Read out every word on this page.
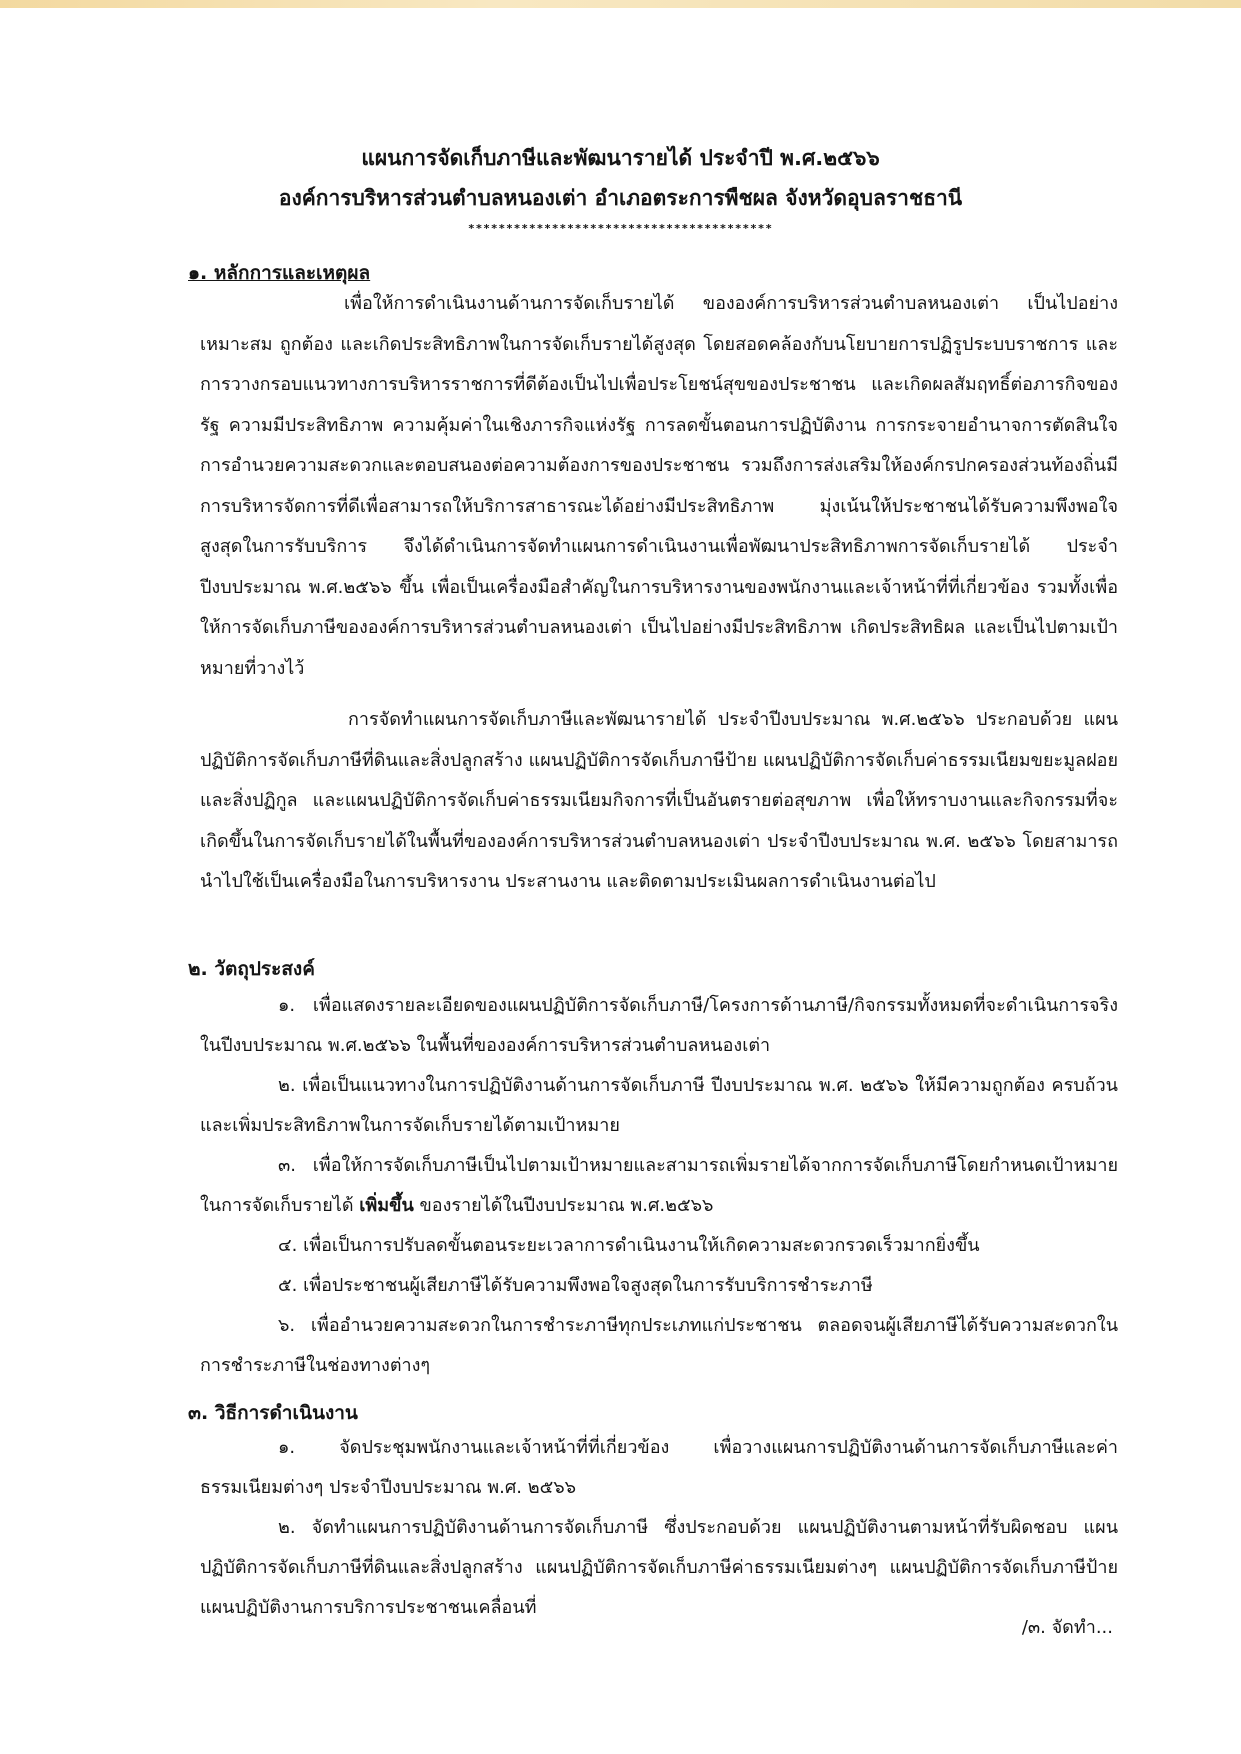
แผนการจัดเก็บภาษีและพัฒนารายได้ ประจำปี พ.ศ.๒๕๖๖
องค์การบริหารส่วนตำบลหนองเต่า อำเภอตระการพืชผล จังหวัดอุบลราชธานี
****************************************
๑. หลักการและเหตุผล

เพื่อให้การดำเนินงานด้านการจัดเก็บรายได้ ขององค์การบริหารส่วนตำบลหนองเต่า เป็นไปอย่างเหมาะสม ถูกต้อง และเกิดประสิทธิภาพในการจัดเก็บรายได้สูงสุด โดยสอดคล้องกับนโยบายการปฏิรูประบบราชการ และการวางกรอบแนวทางการบริหารราชการที่ดีต้องเป็นไปเพื่อประโยชน์สุขของประชาชน และเกิดผลสัมฤทธิ์ต่อภารกิจของรัฐ ความมีประสิทธิภาพ ความคุ้มค่าในเชิงภารกิจแห่งรัฐ การลดขั้นตอนการปฏิบัติงาน การกระจายอำนาจการตัดสินใจ การอำนวยความสะดวกและตอบสนองต่อความต้องการของประชาชน รวมถึงการส่งเสริมให้องค์กรปกครองส่วนท้องถิ่นมีการบริหารจัดการที่ดีเพื่อสามารถให้บริการสาธารณะได้อย่างมีประสิทธิภาพ มุ่งเน้นให้ประชาชนได้รับความพึงพอใจสูงสุดในการรับบริการ จึงได้ดำเนินการจัดทำแผนการดำเนินงานเพื่อพัฒนาประสิทธิภาพการจัดเก็บรายได้ ประจำปีงบประมาณ พ.ศ.๒๕๖๖ ขึ้น เพื่อเป็นเครื่องมือสำคัญในการบริหารงานของพนักงานและเจ้าหน้าที่ที่เกี่ยวข้อง รวมทั้งเพื่อให้การจัดเก็บภาษีขององค์การบริหารส่วนตำบลหนองเต่า เป็นไปอย่างมีประสิทธิภาพ เกิดประสิทธิผล และเป็นไปตามเป้าหมายที่วางไว้

การจัดทำแผนการจัดเก็บภาษีและพัฒนารายได้ ประจำปีงบประมาณ พ.ศ.๒๕๖๖ ประกอบด้วย แผนปฏิบัติการจัดเก็บภาษีที่ดินและสิ่งปลูกสร้าง แผนปฏิบัติการจัดเก็บภาษีป้าย แผนปฏิบัติการจัดเก็บค่าธรรมเนียมขยะมูลฝอยและสิ่งปฏิกูล และแผนปฏิบัติการจัดเก็บค่าธรรมเนียมกิจการที่เป็นอันตรายต่อสุขภาพ เพื่อให้ทราบงานและกิจกรรมที่จะเกิดขึ้นในการจัดเก็บรายได้ในพื้นที่ขององค์การบริหารส่วนตำบลหนองเต่า ประจำปีงบประมาณ พ.ศ. ๒๕๖๖ โดยสามารถนำไปใช้เป็นเครื่องมือในการบริหารงาน ประสานงาน และติดตามประเมินผลการดำเนินงานต่อไป

๒. วัตถุประสงค์

๑. เพื่อแสดงรายละเอียดของแผนปฏิบัติการจัดเก็บภาษี/โครงการด้านภาษี/กิจกรรมทั้งหมดที่จะดำเนินการจริงในปีงบประมาณ พ.ศ.๒๕๖๖ ในพื้นที่ขององค์การบริหารส่วนตำบลหนองเต่า

๒. เพื่อเป็นแนวทางในการปฏิบัติงานด้านการจัดเก็บภาษี ปีงบประมาณ พ.ศ. ๒๕๖๖ ให้มีความถูกต้อง ครบถ้วน และเพิ่มประสิทธิภาพในการจัดเก็บรายได้ตามเป้าหมาย

๓. เพื่อให้การจัดเก็บภาษีเป็นไปตามเป้าหมายและสามารถเพิ่มรายได้จากการจัดเก็บภาษีโดยกำหนดเป้าหมายในการจัดเก็บรายได้ เพิ่มขึ้น ของรายได้ในปีงบประมาณ พ.ศ.๒๕๖๖

๔. เพื่อเป็นการปรับลดขั้นตอนระยะเวลาการดำเนินงานให้เกิดความสะดวกรวดเร็วมากยิ่งขึ้น

๕. เพื่อประชาชนผู้เสียภาษีได้รับความพึงพอใจสูงสุดในการรับบริการชำระภาษี

๖. เพื่ออำนวยความสะดวกในการชำระภาษีทุกประเภทแก่ประชาชน ตลอดจนผู้เสียภาษีได้รับความสะดวกในการชำระภาษีในช่องทางต่างๆ

๓. วิธีการดำเนินงาน

๑. จัดประชุมพนักงานและเจ้าหน้าที่ที่เกี่ยวข้อง เพื่อวางแผนการปฏิบัติงานด้านการจัดเก็บภาษีและค่าธรรมเนียมต่างๆ ประจำปีงบประมาณ พ.ศ. ๒๕๖๖

๒. จัดทำแผนการปฏิบัติงานด้านการจัดเก็บภาษี ซึ่งประกอบด้วย แผนปฏิบัติงานตามหน้าที่รับผิดชอบ แผนปฏิบัติการจัดเก็บภาษีที่ดินและสิ่งปลูกสร้าง แผนปฏิบัติการจัดเก็บภาษีค่าธรรมเนียมต่างๆ แผนปฏิบัติการจัดเก็บภาษีป้าย แผนปฏิบัติงานการบริการประชาชนเคลื่อนที่

/๓. จัดทำ...
